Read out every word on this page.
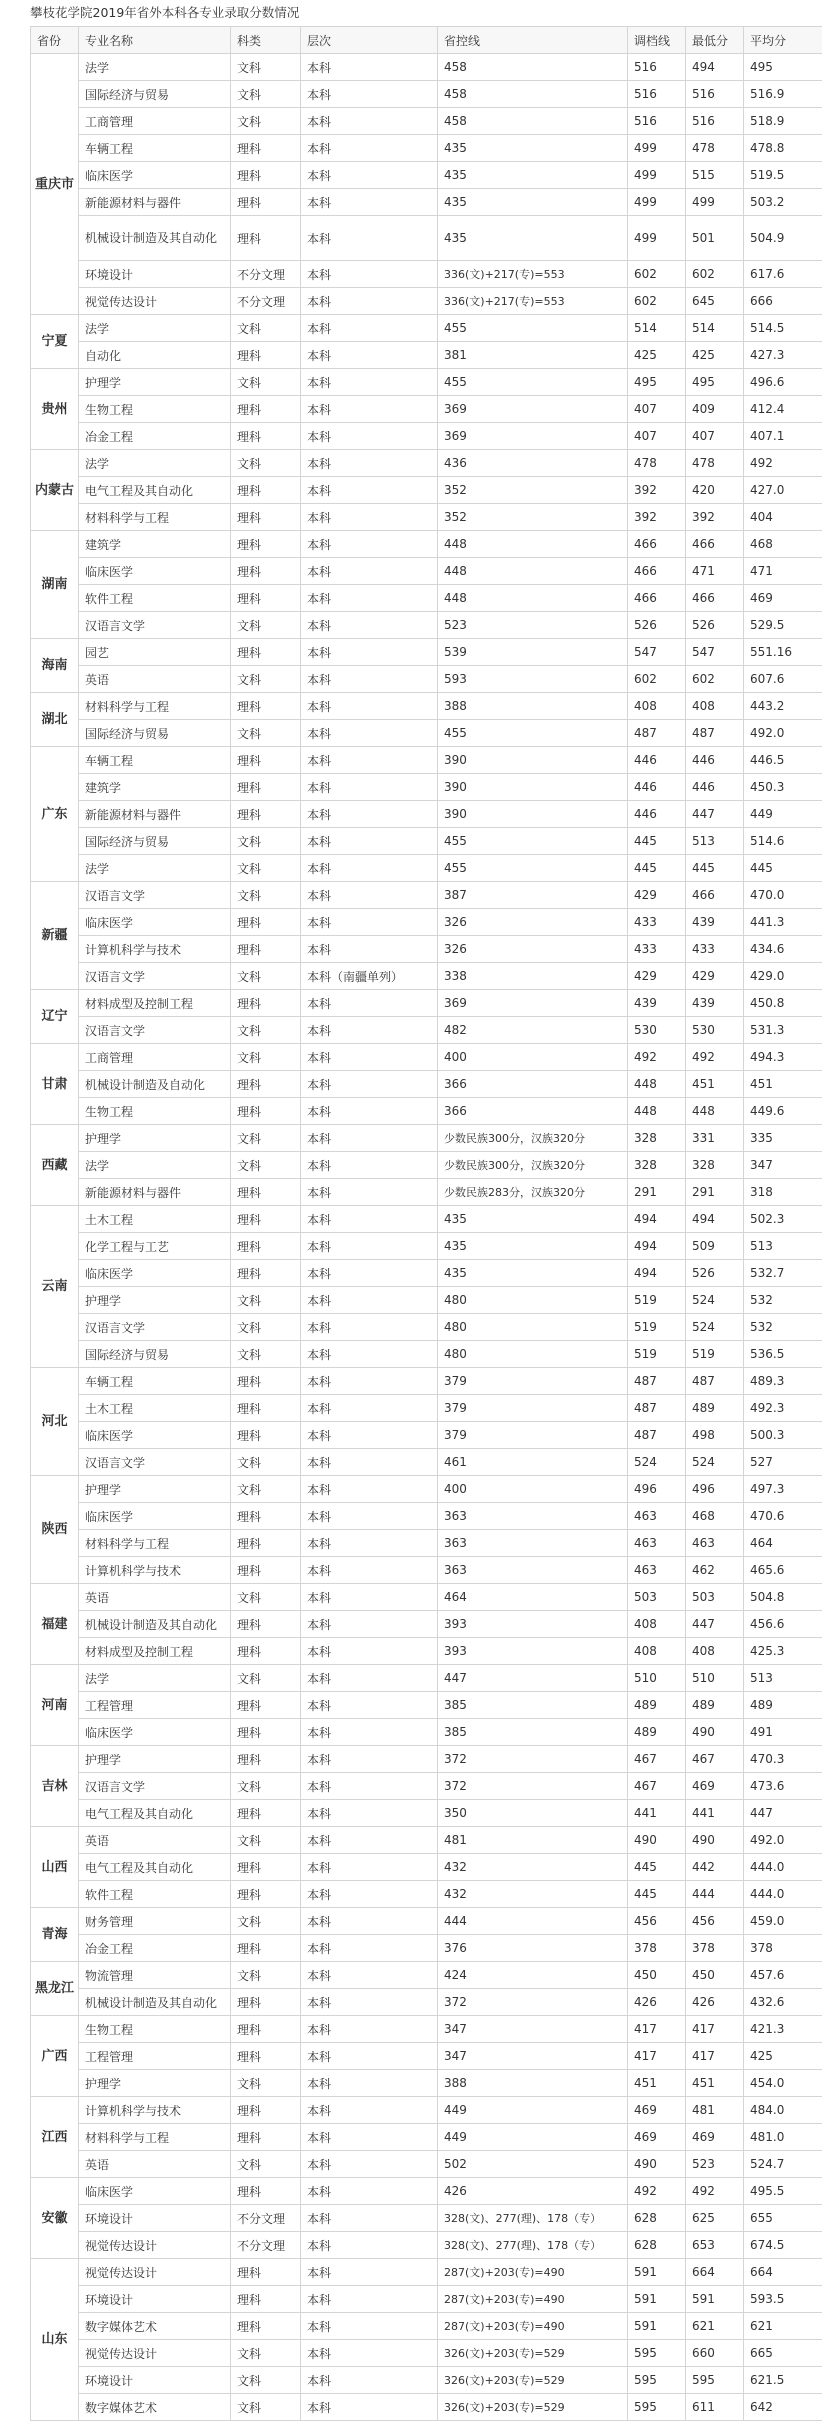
攀枝花学院2019年省外本科各专业录取分数情况
省份	专业名称	科类	层次	省控线	调档线	最低分	平均分
重庆市	法学	文科	本科	458	516	494	495
	国际经济与贸易	文科	本科	458	516	516	516.9
	工商管理	文科	本科	458	516	516	518.9
	车辆工程	理科	本科	435	499	478	478.8
	临床医学	理科	本科	435	499	515	519.5
	新能源材料与器件	理科	本科	435	499	499	503.2
	机械设计制造及其自动化	理科	本科	435	499	501	504.9
	环境设计	不分文理	本科	336(文)+217(专)=553	602	602	617.6
	视觉传达设计	不分文理	本科	336(文)+217(专)=553	602	645	666
宁夏	法学	文科	本科	455	514	514	514.5
	自动化	理科	本科	381	425	425	427.3
贵州	护理学	文科	本科	455	495	495	496.6
	生物工程	理科	本科	369	407	409	412.4
	冶金工程	理科	本科	369	407	407	407.1
内蒙古	法学	文科	本科	436	478	478	492
	电气工程及其自动化	理科	本科	352	392	420	427.0
	材料科学与工程	理科	本科	352	392	392	404
湖南	建筑学	理科	本科	448	466	466	468
	临床医学	理科	本科	448	466	471	471
	软件工程	理科	本科	448	466	466	469
	汉语言文学	文科	本科	523	526	526	529.5
海南	园艺	理科	本科	539	547	547	551.16
	英语	文科	本科	593	602	602	607.6
湖北	材料科学与工程	理科	本科	388	408	408	443.2
	国际经济与贸易	文科	本科	455	487	487	492.0
广东	车辆工程	理科	本科	390	446	446	446.5
	建筑学	理科	本科	390	446	446	450.3
	新能源材料与器件	理科	本科	390	446	447	449
	国际经济与贸易	文科	本科	455	445	513	514.6
	法学	文科	本科	455	445	445	445
新疆	汉语言文学	文科	本科	387	429	466	470.0
	临床医学	理科	本科	326	433	439	441.3
	计算机科学与技术	理科	本科	326	433	433	434.6
	汉语言文学	文科	本科（南疆单列）	338	429	429	429.0
辽宁	材料成型及控制工程	理科	本科	369	439	439	450.8
	汉语言文学	文科	本科	482	530	530	531.3
甘肃	工商管理	文科	本科	400	492	492	494.3
	机械设计制造及自动化	理科	本科	366	448	451	451
	生物工程	理科	本科	366	448	448	449.6
西藏	护理学	文科	本科	少数民族300分，汉族320分	328	331	335
	法学	文科	本科	少数民族300分，汉族320分	328	328	347
	新能源材料与器件	理科	本科	少数民族283分，汉族320分	291	291	318
云南	土木工程	理科	本科	435	494	494	502.3
	化学工程与工艺	理科	本科	435	494	509	513
	临床医学	理科	本科	435	494	526	532.7
	护理学	文科	本科	480	519	524	532
	汉语言文学	文科	本科	480	519	524	532
	国际经济与贸易	文科	本科	480	519	519	536.5
河北	车辆工程	理科	本科	379	487	487	489.3
	土木工程	理科	本科	379	487	489	492.3
	临床医学	理科	本科	379	487	498	500.3
	汉语言文学	文科	本科	461	524	524	527
陕西	护理学	文科	本科	400	496	496	497.3
	临床医学	理科	本科	363	463	468	470.6
	材料科学与工程	理科	本科	363	463	463	464
	计算机科学与技术	理科	本科	363	463	462	465.6
福建	英语	文科	本科	464	503	503	504.8
	机械设计制造及其自动化	理科	本科	393	408	447	456.6
	材料成型及控制工程	理科	本科	393	408	408	425.3
河南	法学	文科	本科	447	510	510	513
	工程管理	理科	本科	385	489	489	489
	临床医学	理科	本科	385	489	490	491
吉林	护理学	理科	本科	372	467	467	470.3
	汉语言文学	文科	本科	372	467	469	473.6
	电气工程及其自动化	理科	本科	350	441	441	447
山西	英语	文科	本科	481	490	490	492.0
	电气工程及其自动化	理科	本科	432	445	442	444.0
	软件工程	理科	本科	432	445	444	444.0
青海	财务管理	文科	本科	444	456	456	459.0
	冶金工程	理科	本科	376	378	378	378
黑龙江	物流管理	文科	本科	424	450	450	457.6
	机械设计制造及其自动化	理科	本科	372	426	426	432.6
广西	生物工程	理科	本科	347	417	417	421.3
	工程管理	理科	本科	347	417	417	425
	护理学	文科	本科	388	451	451	454.0
江西	计算机科学与技术	理科	本科	449	469	481	484.0
	材料科学与工程	理科	本科	449	469	469	481.0
	英语	文科	本科	502	490	523	524.7
安徽	临床医学	理科	本科	426	492	492	495.5
	环境设计	不分文理	本科	328(文)、277(理)、178（专）	628	625	655
	视觉传达设计	不分文理	本科	328(文)、277(理)、178（专）	628	653	674.5
山东	视觉传达设计	理科	本科	287(文)+203(专)=490	591	664	664
	环境设计	理科	本科	287(文)+203(专)=490	591	591	593.5
	数字媒体艺术	理科	本科	287(文)+203(专)=490	591	621	621
	视觉传达设计	文科	本科	326(文)+203(专)=529	595	660	665
	环境设计	文科	本科	326(文)+203(专)=529	595	595	621.5
	数字媒体艺术	文科	本科	326(文)+203(专)=529	595	611	642
